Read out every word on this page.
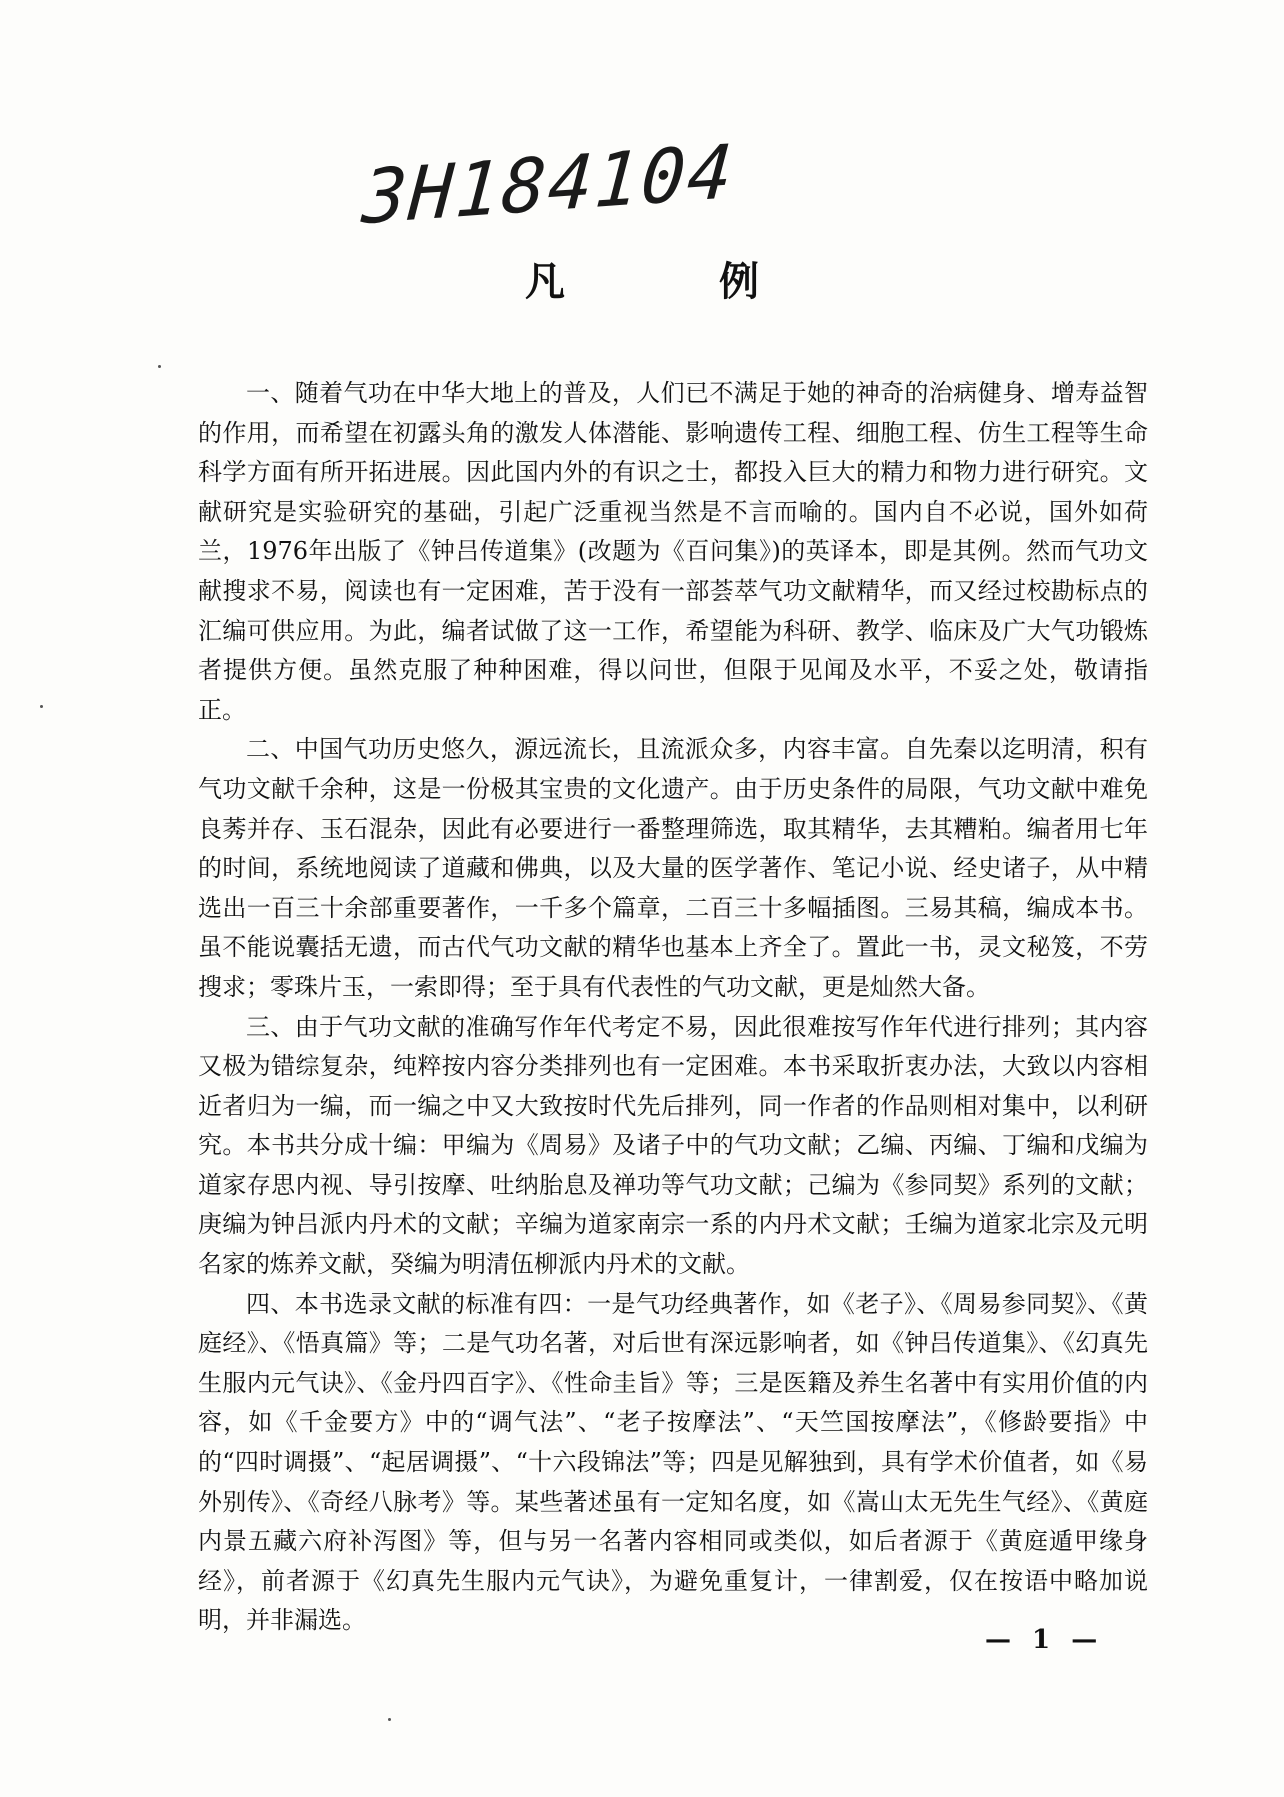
3H184104
凡 例

一、随着气功在中华大地上的普及，人们已不满足于她的神奇的治病健身、增寿益智的作用，而希望在初露头角的激发人体潜能、影响遗传工程、细胞工程、仿生工程等生命科学方面有所开拓进展。因此国内外的有识之士，都投入巨大的精力和物力进行研究。文献研究是实验研究的基础，引起广泛重视当然是不言而喻的。国内自不必说，国外如荷兰，1976年出版了《钟吕传道集》(改题为《百问集》)的英译本，即是其例。然而气功文献搜求不易，阅读也有一定困难，苦于没有一部荟萃气功文献精华，而又经过校勘标点的汇编可供应用。为此，编者试做了这一工作，希望能为科研、教学、临床及广大气功锻炼者提供方便。虽然克服了种种困难，得以问世，但限于见闻及水平，不妥之处，敬请指正。

二、中国气功历史悠久，源远流长，且流派众多，内容丰富。自先秦以迄明清，积有气功文献千余种，这是一份极其宝贵的文化遗产。由于历史条件的局限，气功文献中难免良莠并存、玉石混杂，因此有必要进行一番整理筛选，取其精华，去其糟粕。编者用七年的时间，系统地阅读了道藏和佛典，以及大量的医学著作、笔记小说、经史诸子，从中精选出一百三十余部重要著作，一千多个篇章，二百三十多幅插图。三易其稿，编成本书。虽不能说囊括无遗，而古代气功文献的精华也基本上齐全了。置此一书，灵文秘笈，不劳搜求；零珠片玉，一索即得；至于具有代表性的气功文献，更是灿然大备。

三、由于气功文献的准确写作年代考定不易，因此很难按写作年代进行排列；其内容又极为错综复杂，纯粹按内容分类排列也有一定困难。本书采取折衷办法，大致以内容相近者归为一编，而一编之中又大致按时代先后排列，同一作者的作品则相对集中，以利研究。本书共分成十编：甲编为《周易》及诸子中的气功文献；乙编、丙编、丁编和戊编为道家存思内视、导引按摩、吐纳胎息及禅功等气功文献；己编为《参同契》系列的文献；庚编为钟吕派内丹术的文献；辛编为道家南宗一系的内丹术文献；壬编为道家北宗及元明名家的炼养文献，癸编为明清伍柳派内丹术的文献。

四、本书选录文献的标准有四：一是气功经典著作，如《老子》、《周易参同契》、《黄庭经》、《悟真篇》等；二是气功名著，对后世有深远影响者，如《钟吕传道集》、《幻真先生服内元气诀》、《金丹四百字》、《性命圭旨》等；三是医籍及养生名著中有实用价值的内容，如《千金要方》中的“调气法”、“老子按摩法”、“天竺国按摩法”，《修龄要指》中的“四时调摄”、“起居调摄”、“十六段锦法”等；四是见解独到，具有学术价值者，如《易外别传》、《奇经八脉考》等。某些著述虽有一定知名度，如《嵩山太无先生气经》、《黄庭内景五藏六府补泻图》等，但与另一名著内容相同或类似，如后者源于《黄庭遁甲缘身经》，前者源于《幻真先生服内元气诀》，为避免重复计，一律割爱，仅在按语中略加说明，并非漏选。

— 1 —
